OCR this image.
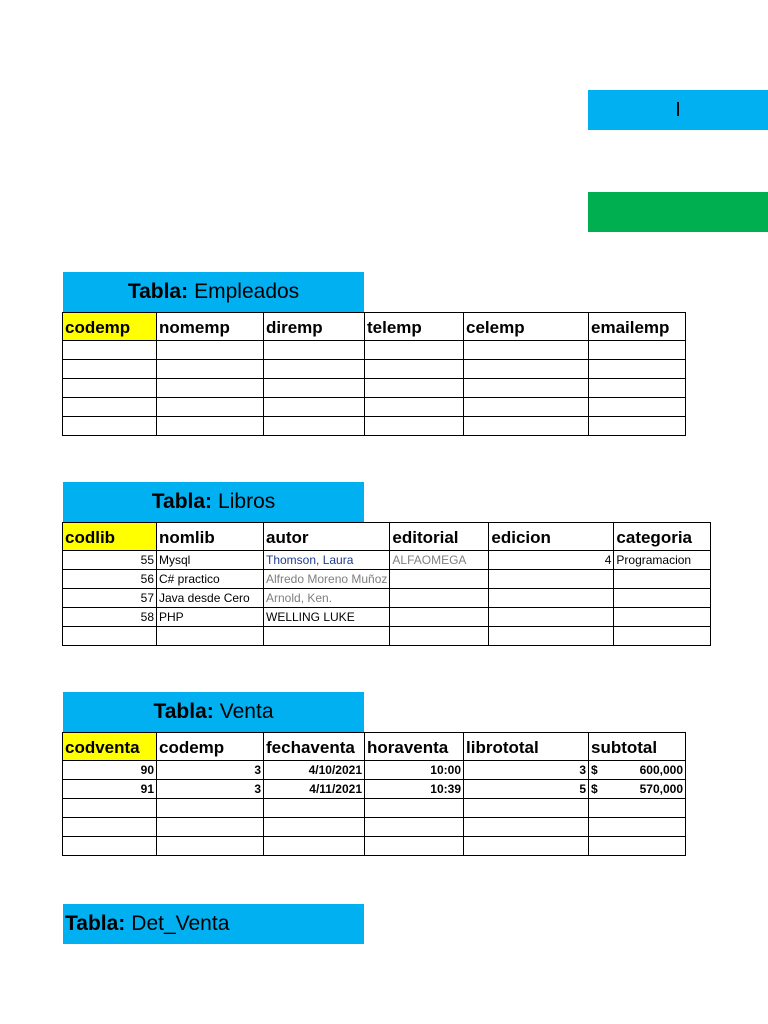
I
Tabla: Empleados
codemp	nomemp	diremp	telemp	celemp	emailemp

Tabla: Libros
codlib	nomlib	autor	editorial	edicion	categoria
55	Mysql	Thomson, Laura	ALFAOMEGA	4	Programacion
56	C# practico	Alfredo Moreno Muñoz			
57	Java desde Cero	Arnold, Ken.			
58	PHP	WELLING LUKE			

Tabla: Venta
codventa	codemp	fechaventa	horaventa	librototal	subtotal
90	3	4/10/2021	10:00	3	$ 600,000
91	3	4/11/2021	10:39	5	$ 570,000

Tabla: Det_Venta
